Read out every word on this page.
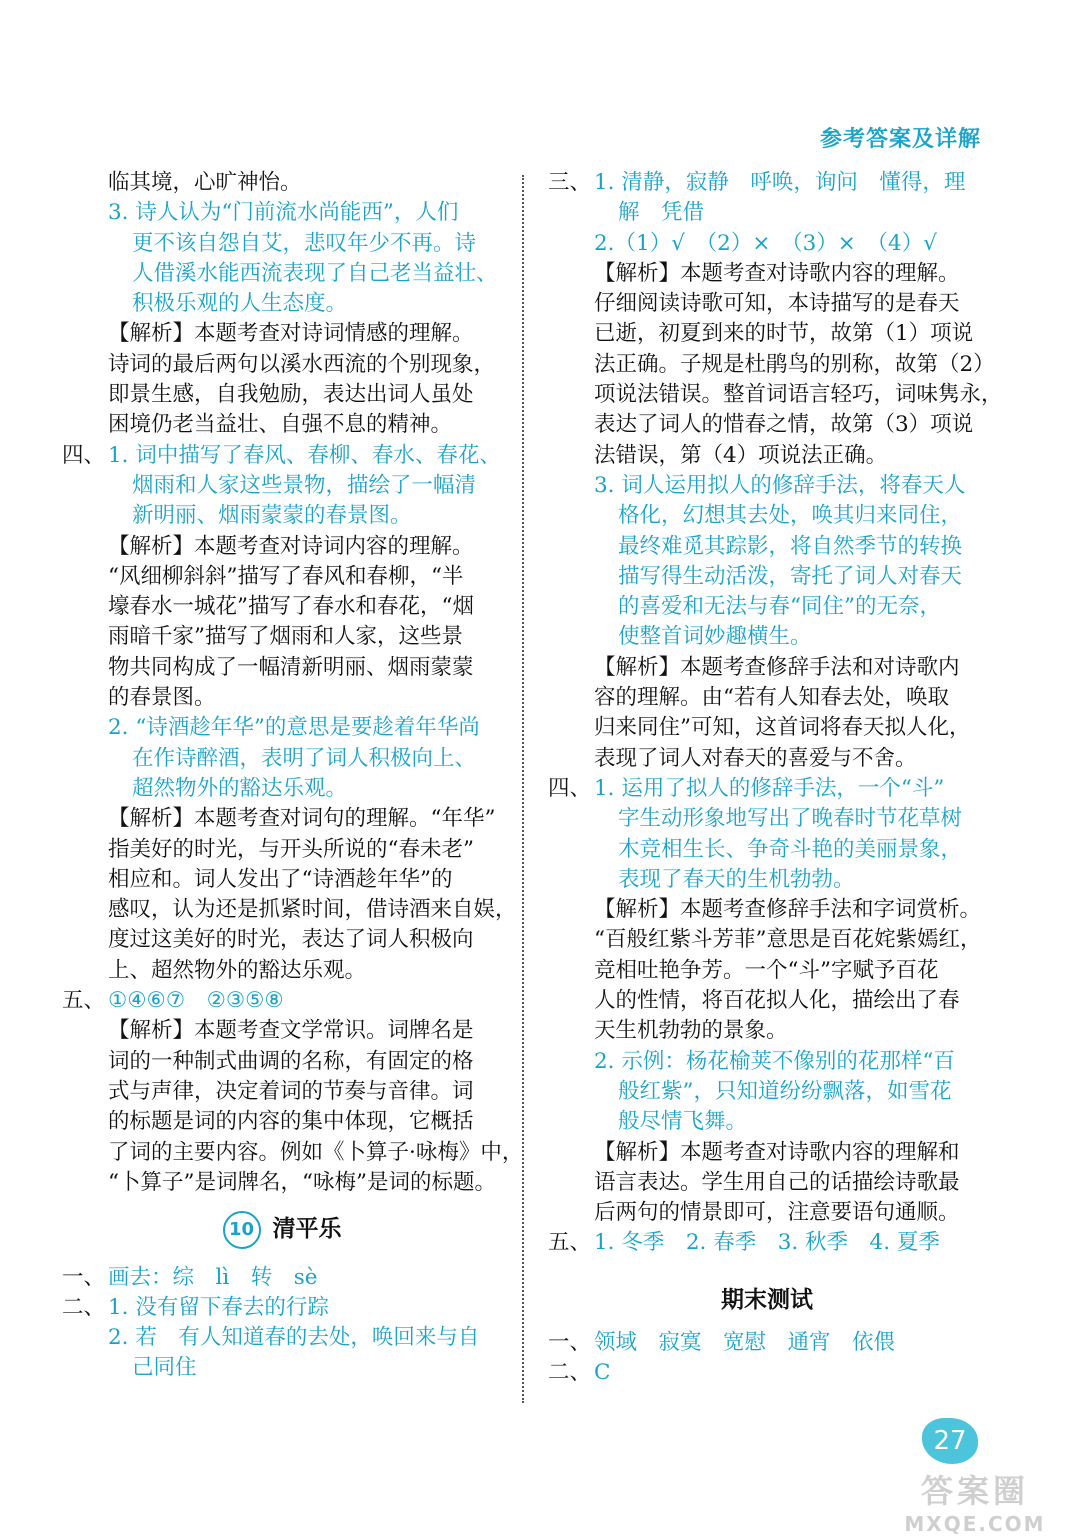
参考答案及详解
临其境，心旷神怡。
3. 诗人认为“门前流水尚能西”，人们
更不该自怨自艾，悲叹年少不再。诗
人借溪水能西流表现了自己老当益壮、
积极乐观的人生态度。
【解析】本题考查对诗词情感的理解。
诗词的最后两句以溪水西流的个别现象，
即景生感，自我勉励，表达出词人虽处
困境仍老当益壮、自强不息的精神。
四、 1. 词中描写了春风、春柳、春水、春花、
烟雨和人家这些景物，描绘了一幅清
新明丽、烟雨蒙蒙的春景图。
【解析】本题考查对诗词内容的理解。
“风细柳斜斜”描写了春风和春柳，“半
壕春水一城花”描写了春水和春花，“烟
雨暗千家”描写了烟雨和人家，这些景
物共同构成了一幅清新明丽、烟雨蒙蒙
的春景图。
2. “诗酒趁年华”的意思是要趁着年华尚
在作诗醉酒，表明了词人积极向上、
超然物外的豁达乐观。
【解析】本题考查对词句的理解。“年华”
指美好的时光，与开头所说的“春未老”
相应和。词人发出了“诗酒趁年华”的
感叹，认为还是抓紧时间，借诗酒来自娱，
度过这美好的时光，表达了词人积极向
上、超然物外的豁达乐观。
五、 ①④⑥⑦　②③⑤⑧
【解析】本题考查文学常识。词牌名是
词的一种制式曲调的名称，有固定的格
式与声律，决定着词的节奏与音律。词
的标题是词的内容的集中体现，它概括
了词的主要内容。例如《卜算子·咏梅》中，
“卜算子”是词牌名，“咏梅”是词的标题。
10 清平乐
一、 画去：综　lì　转　sè
二、 1. 没有留下春去的行踪
2. 若　有人知道春的去处，唤回来与自
己同住
三、 1. 清静，寂静　呼唤，询问　懂得，理
解　凭借
2.（1）√　（2）×　（3）×　（4）√
【解析】本题考查对诗歌内容的理解。
仔细阅读诗歌可知，本诗描写的是春天
已逝，初夏到来的时节，故第（1）项说
法正确。子规是杜鹃鸟的别称，故第（2）
项说法错误。整首词语言轻巧，词味隽永，
表达了词人的惜春之情，故第（3）项说
法错误，第（4）项说法正确。
3. 词人运用拟人的修辞手法，将春天人
格化，幻想其去处，唤其归来同住，
最终难觅其踪影，将自然季节的转换
描写得生动活泼，寄托了词人对春天
的喜爱和无法与春“同住”的无奈，
使整首词妙趣横生。
【解析】本题考查修辞手法和对诗歌内
容的理解。由“若有人知春去处，唤取
归来同住”可知，这首词将春天拟人化，
表现了词人对春天的喜爱与不舍。
四、 1. 运用了拟人的修辞手法，一个“斗”
字生动形象地写出了晚春时节花草树
木竞相生长、争奇斗艳的美丽景象，
表现了春天的生机勃勃。
【解析】本题考查修辞手法和字词赏析。
“百般红紫斗芳菲”意思是百花姹紫嫣红，
竞相吐艳争芳。一个“斗”字赋予百花
人的性情，将百花拟人化，描绘出了春
天生机勃勃的景象。
2. 示例：杨花榆荚不像别的花那样“百
般红紫”，只知道纷纷飘落，如雪花
般尽情飞舞。
【解析】本题考查对诗歌内容的理解和
语言表达。学生用自己的话描绘诗歌最
后两句的情景即可，注意要语句通顺。
五、 1. 冬季　2. 春季　3. 秋季　4. 夏季
期末测试
一、 领域　寂寞　宽慰　通宵　依偎
二、 C
27
答案圈
MXQE.COM
